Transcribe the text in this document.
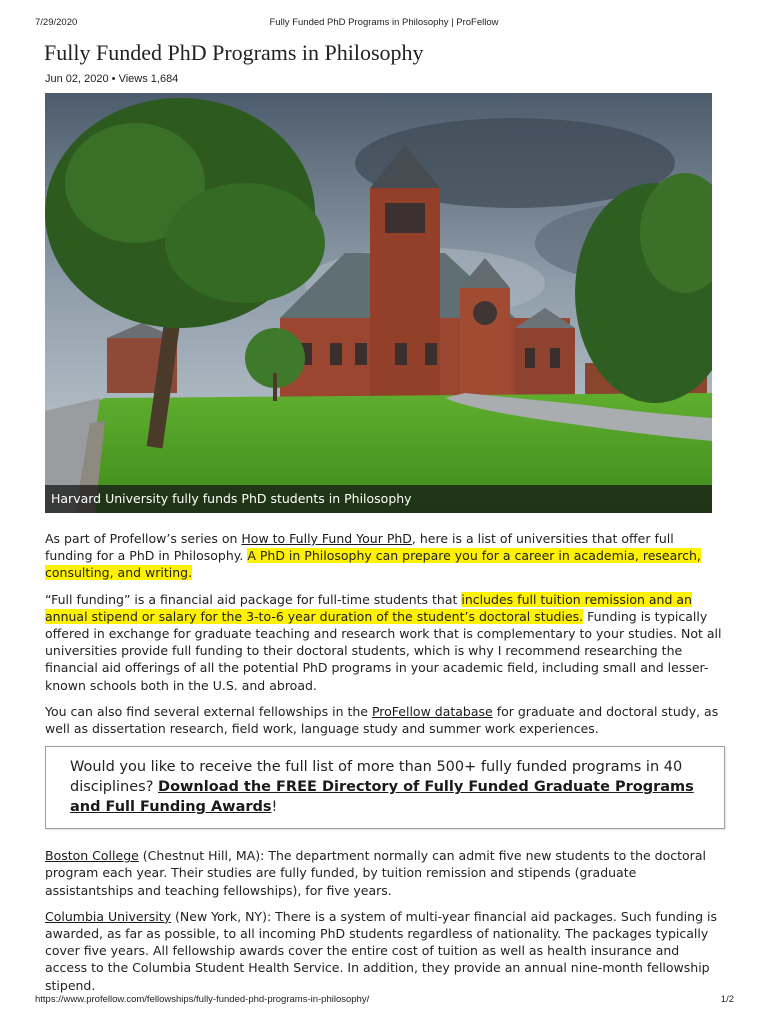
7/29/2020	Fully Funded PhD Programs in Philosophy | ProFellow
Fully Funded PhD Programs in Philosophy
Jun 02, 2020 • Views 1,684
Harvard University fully funds PhD students in Philosophy

As part of Profellow’s series on How to Fully Fund Your PhD, here is a list of universities that offer full funding for a PhD in Philosophy. A PhD in Philosophy can prepare you for a career in academia, research, consulting, and writing.

“Full funding” is a financial aid package for full-time students that includes full tuition remission and an annual stipend or salary for the 3-to-6 year duration of the student’s doctoral studies. Funding is typically offered in exchange for graduate teaching and research work that is complementary to your studies. Not all universities provide full funding to their doctoral students, which is why I recommend researching the financial aid offerings of all the potential PhD programs in your academic field, including small and lesser-known schools both in the U.S. and abroad.

You can also find several external fellowships in the ProFellow database for graduate and doctoral study, as well as dissertation research, field work, language study and summer work experiences.

Would you like to receive the full list of more than 500+ fully funded programs in 40 disciplines? Download the FREE Directory of Fully Funded Graduate Programs and Full Funding Awards!

Boston College (Chestnut Hill, MA): The department normally can admit five new students to the doctoral program each year. Their studies are fully funded, by tuition remission and stipends (graduate assistantships and teaching fellowships), for five years.

Columbia University (New York, NY): There is a system of multi-year financial aid packages. Such funding is awarded, as far as possible, to all incoming PhD students regardless of nationality. The packages typically cover five years. All fellowship awards cover the entire cost of tuition as well as health insurance and access to the Columbia Student Health Service. In addition, they provide an annual nine-month fellowship stipend.

https://www.profellow.com/fellowships/fully-funded-phd-programs-in-philosophy/	1/2
